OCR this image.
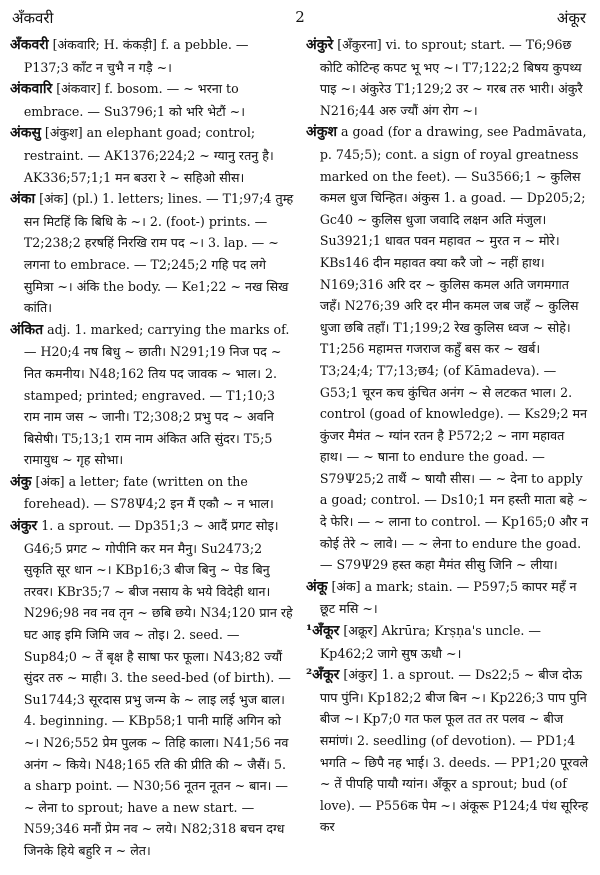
अँकवरी	2	अंकूर

अँकवरी [अंकवारि; H. कंकड़ी] f. a pebble. — P137;3 काँट न चुभै न गड़ै ~।

अंकवारि [अंकवार] f. bosom. — ~ भरना to embrace. — Su3796;1 को भरि भेटौं ~।

अंकसु [अंकुश] an elephant goad; control; restraint. — AK1376;224;2 ~ ग्यानु रतनु है। AK336;57;1;1 मन बउरा रे ~ सहिओ सीस।

अंका [अंक] (pl.) 1. letters; lines. — T1;97;4 तुम्ह सन मिटहिं कि बिधि के ~। 2. (foot-) prints. — T2;238;2 हरषहिं निरखि राम पद ~। 3. lap. — ~ लगना to embrace. — T2;245;2 गहि पद लगे सुमित्रा ~। अंकि the body. — Ke1;22 ~ नख सिख कांति।

अंकित adj. 1. marked; carrying the marks of. — H20;4 नष बिधु ~ छाती। N291;19 निज पद ~ नित कमनीय। N48;162 तिय पद जावक ~ भाल। 2. stamped; printed; engraved. — T1;10;3 राम नाम जस ~ जानी। T2;308;2 प्रभु पद ~ अवनि बिसेषी। T5;13;1 राम नाम अंकित अति सुंदर। T5;5 रामायुध ~ गृह सोभा।

अंकु [अंक] a letter; fate (written on the forehead). — S78Ψ4;2 इन मैं एकौ ~ न भाल।

अंकुर 1. a sprout. — Dp351;3 ~ आदैं प्रगट सोइ। G46;5 प्रगट ~ गोपीनि कर मन मैनु। Su2473;2 सुकृति सूर धान ~। KBp16;3 बीज बिनु ~ पेड बिनु तरवर। KBr35;7 ~ बीज नसाय के भये विदेही थान। N296;98 नव नव तृन ~ छबि छये। N34;120 प्रान रहे घट आइ इमि जिमि जव ~ तोइ। 2. seed. — Sup84;0 ~ तें बृक्ष है साषा फर फूला। N43;82 ज्यौं सुंदर तरु ~ माही। 3. the seed-bed (of birth). — Su1744;3 सूरदास प्रभु जन्म के ~ लाइ लई भुज बाल। 4. beginning. — KBp58;1 पानी माहिं अगिन को ~। N26;552 प्रेम पुलक ~ तिहि काला। N41;56 नव अनंग ~ किये। N48;165 रति की प्रीति की ~ जैसैं। 5. a sharp point. — N30;56 नूतन नूतन ~ बान। — ~ लेना to sprout; have a new start. — N59;346 मनौं प्रेम नव ~ लये। N82;318 बचन दग्ध जिनके हिये बहुरि न ~ लेत।

अंकुरे [अँकुरना] vi. to sprout; start. — T6;96छ कोटि कोटिन्ह कपट भू भए ~। T7;122;2 बिषय कुपथ्य पाइ ~। अंकुरेउ T1;129;2 उर ~ गरब तरु भारी। अंकुरै N216;44 अरु ज्यौं अंग रोग ~।

अंकुश a goad (for a drawing, see Padmāvata, p. 745;5); cont. a sign of royal greatness marked on the feet). — Su3566;1 ~ कुलिस कमल धुज चिन्हित। अंकुस 1. a goad. — Dp205;2; Gc40 ~ कुलिस धुजा जवादि लक्षन अति मंजुल। Su3921;1 धावत पवन महावत ~ मुरत न ~ मोरे। KBs146 दीन महावत क्या करै जो ~ नहीं हाथ। N169;316 अरि दर ~ कुलिस कमल अति जगमगात जहँ। N276;39 अरि दर मीन कमल जब जहँ ~ कुलिस धुजा छबि तहाँ। T1;199;2 रेख कुलिस ध्वज ~ सोहे। T1;256 महामत्त गजराज कहुँ बस कर ~ खर्ब। T3;24;4; T7;13;छ4; (of Kāmadeva). — G53;1 चूरन कच कुंचित अनंग ~ से लटकत भाल। 2. control (goad of knowledge). — Ks29;2 मन कुंजर मैमंत ~ ग्यांन रतन है P572;2 ~ नाग महावत हाथ। — ~ षाना to endure the goad. — S79Ψ25;2 ताथैं ~ षायौ सीस। — ~ देना to apply a goad; control. — Ds10;1 मन हस्ती माता बहे ~ दे फेरि। — ~ लाना to control. — Kp165;0 और न कोई तेरे ~ लावे। — ~ लेना to endure the goad. — S79Ψ29 हस्त कहा मैमंत सीसु जिनि ~ लीया।

अंकू [अंक] a mark; stain. — P597;5 कापर महँ न छूट मसि ~।

¹अँकूर [अक्रूर] Akrūra; Krṣṇa's uncle. — Kp462;2 जागे सुष ऊधौ ~।

²अँकूर [अंकुर] 1. a sprout. — Ds22;5 ~ बीज दोऊ पाप पुंनि। Kp182;2 बीज बिन ~। Kp226;3 पाप पुनि बीज ~। Kp7;0 गत फल फूल तत तर पलव ~ बीज समांणं। 2. seedling (of devotion). — PD1;4 भगति ~ छिपै नह भाई। 3. deeds. — PP1;20 पूरवले ~ तें पीपहि पायौ ग्यांन। अँकूर a sprout; bud (of love). — P556क पेम ~। अंकूरू P124;4 पंथ सूरिन्ह कर
